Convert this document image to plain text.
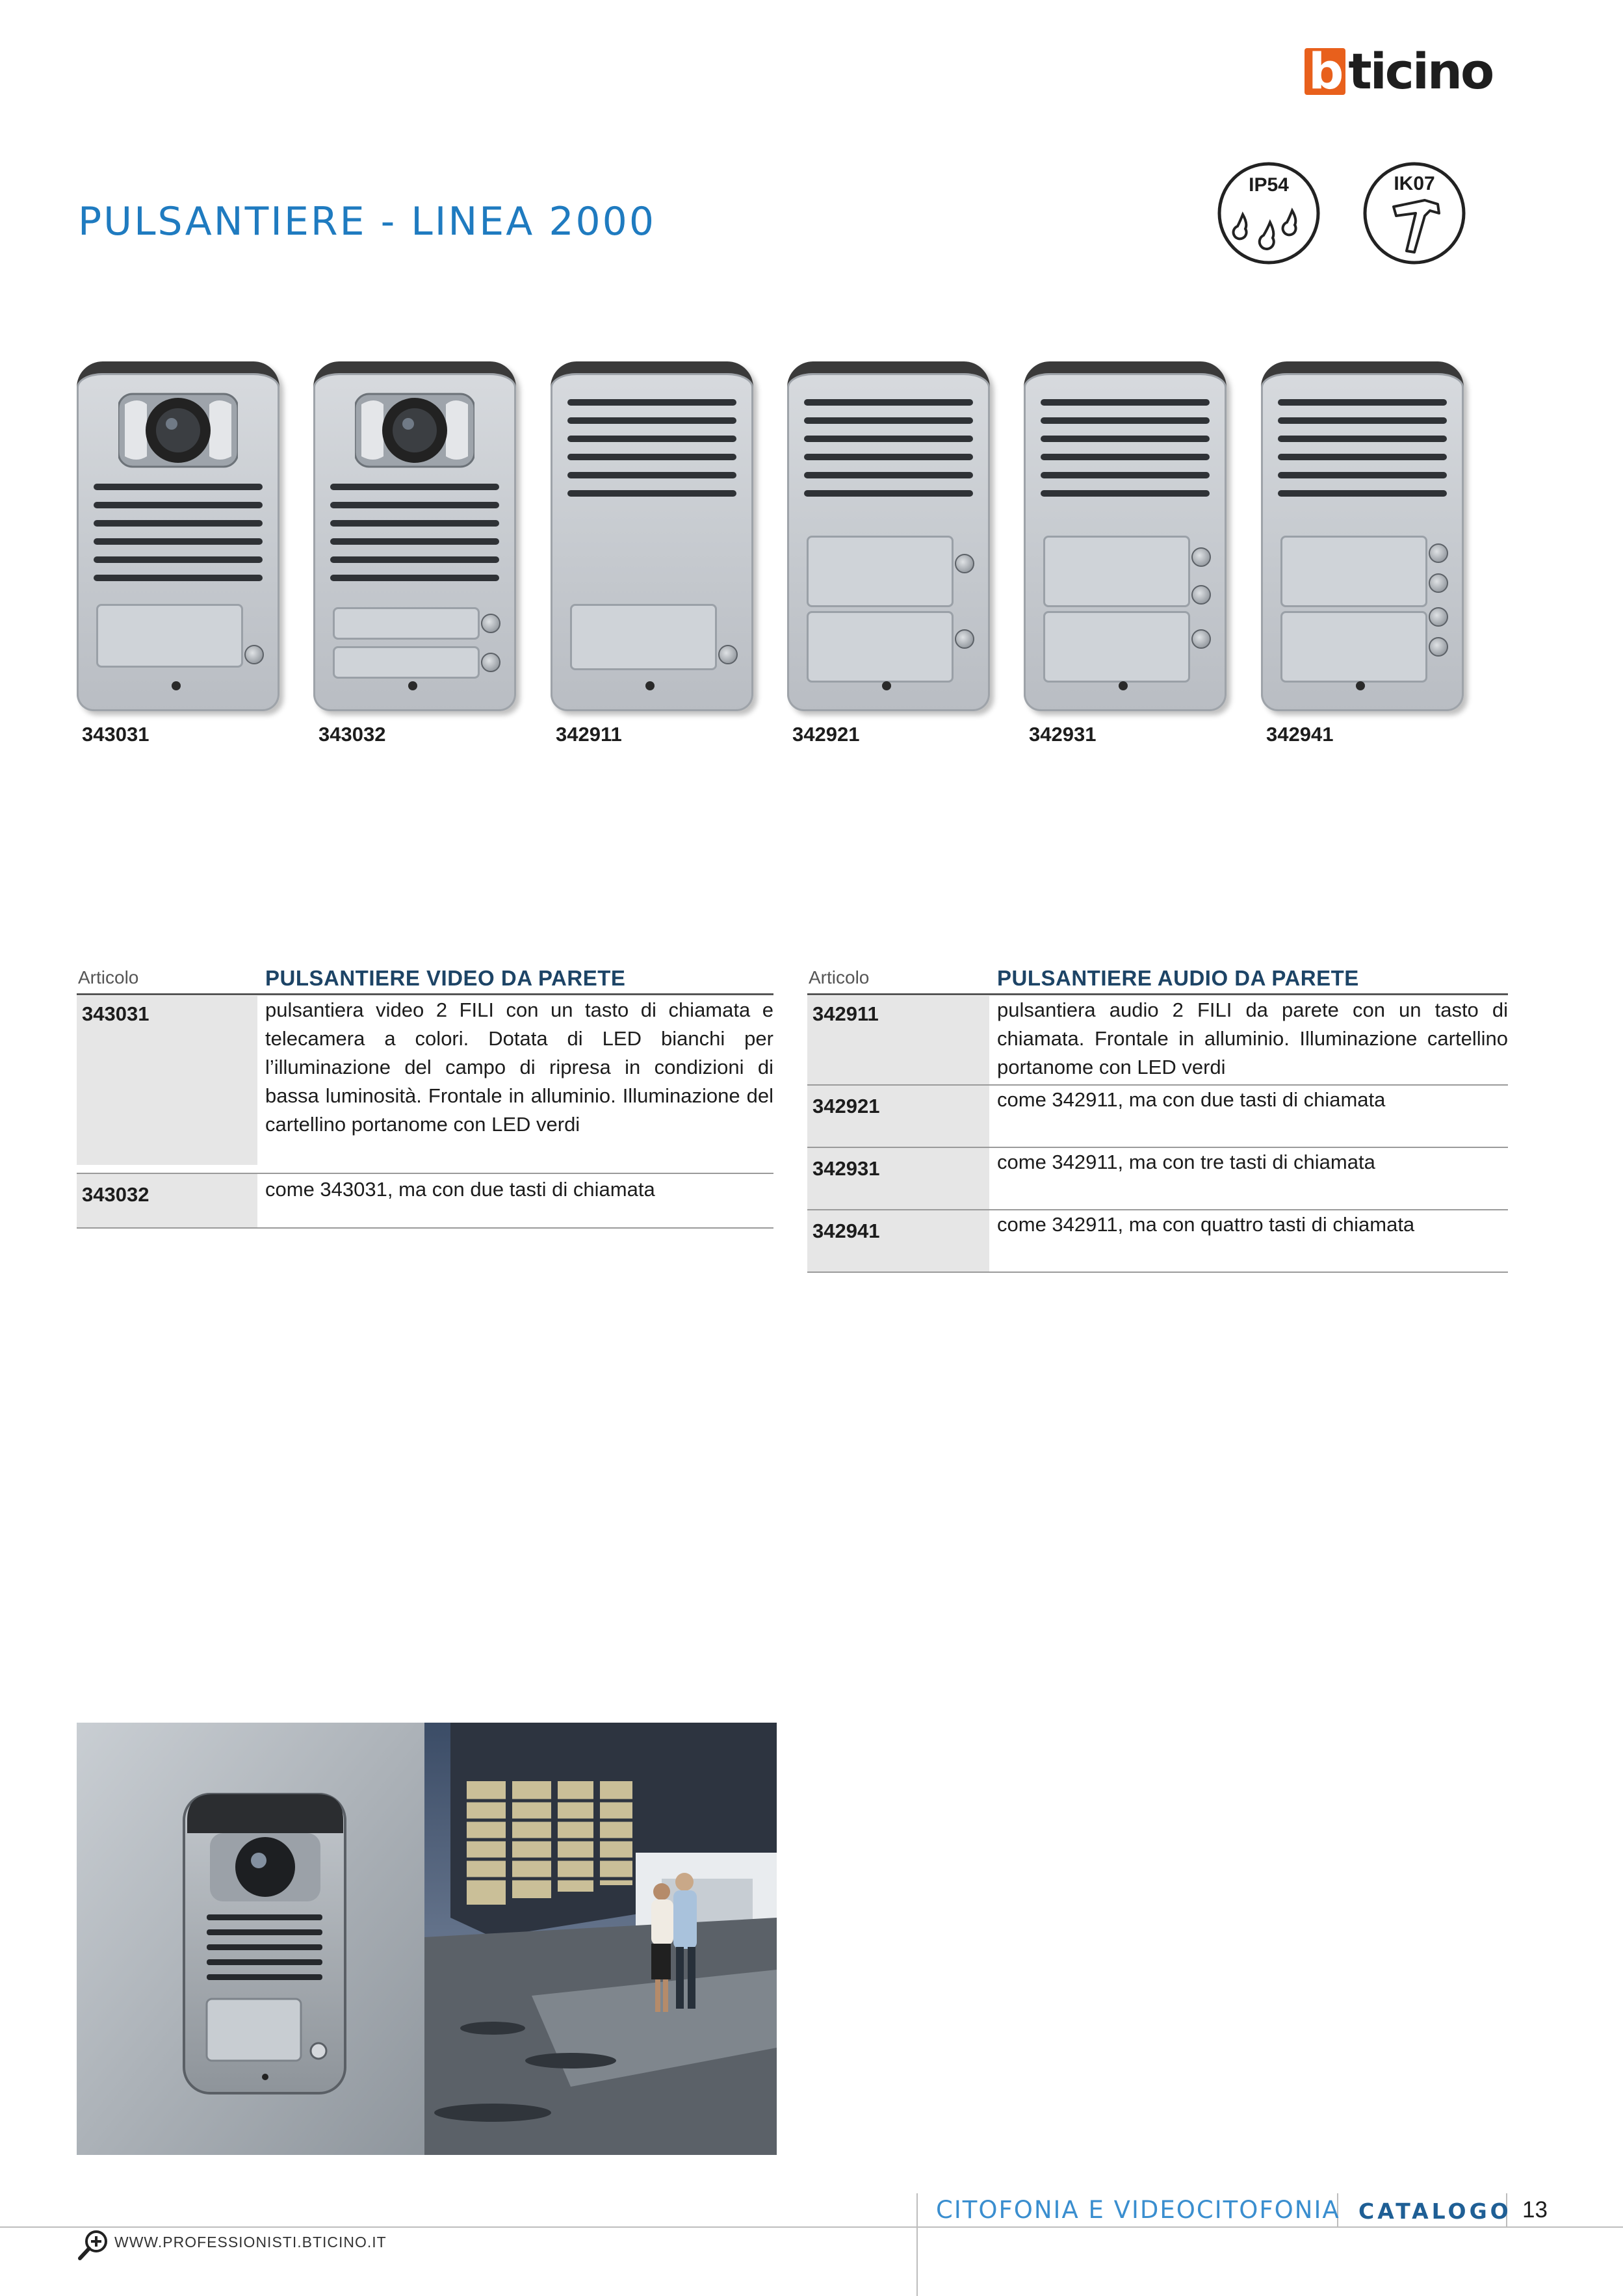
b ticino
PULSANTIERE - LINEA 2000
IP54	IK07
343031	343032	342911	342921	342931	342941
Articolo	PULSANTIERE VIDEO DA PARETE
343031	pulsantiera video 2 FILI con un tasto di chiamata e telecamera a colori. Dotata di LED bianchi per l’illuminazione del campo di ripresa in condizioni di bassa luminosità. Frontale in alluminio. Illuminazione del cartellino portanome con LED verdi
343032	come 343031, ma con due tasti di chiamata
Articolo	PULSANTIERE AUDIO DA PARETE
342911	pulsantiera audio 2 FILI da parete con un tasto di chiamata. Frontale in alluminio. Illuminazione cartellino portanome con LED verdi
342921	come 342911, ma con due tasti di chiamata
342931	come 342911, ma con tre tasti di chiamata
342941	come 342911, ma con quattro tasti di chiamata
CITOFONIA E VIDEOCITOFONIA CATALOGO 13
WWW.PROFESSIONISTI.BTICINO.IT
